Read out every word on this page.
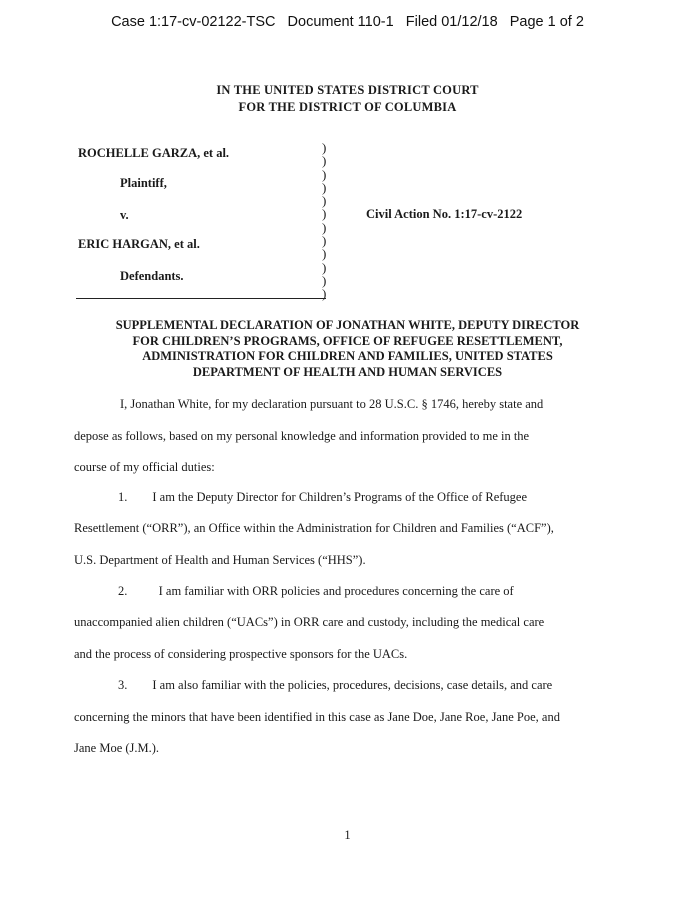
Case 1:17-cv-02122-TSC   Document 110-1   Filed 01/12/18   Page 1 of 2
IN THE UNITED STATES DISTRICT COURT
FOR THE DISTRICT OF COLUMBIA
ROCHELLE GARZA, et al.
Plaintiff,
v.
ERIC HARGAN, et al.
Defendants.
Civil Action No. 1:17-cv-2122
)
)
)
)
)
)
)
)
)
)
)
)
SUPPLEMENTAL DECLARATION OF JONATHAN WHITE, DEPUTY DIRECTOR
FOR CHILDREN’S PROGRAMS, OFFICE OF REFUGEE RESETTLEMENT,
ADMINISTRATION FOR CHILDREN AND FAMILIES, UNITED STATES
DEPARTMENT OF HEALTH AND HUMAN SERVICES
I, Jonathan White, for my declaration pursuant to 28 U.S.C. § 1746, hereby state and
depose as follows, based on my personal knowledge and information provided to me in the
course of my official duties:
1.        I am the Deputy Director for Children’s Programs of the Office of Refugee
Resettlement (“ORR”), an Office within the Administration for Children and Families (“ACF”),
U.S. Department of Health and Human Services (“HHS”).
2.          I am familiar with ORR policies and procedures concerning the care of
unaccompanied alien children (“UACs”) in ORR care and custody, including the medical care
and the process of considering prospective sponsors for the UACs.
3.        I am also familiar with the policies, procedures, decisions, case details, and care
concerning the minors that have been identified in this case as Jane Doe, Jane Roe, Jane Poe, and
Jane Moe (J.M.).
1
